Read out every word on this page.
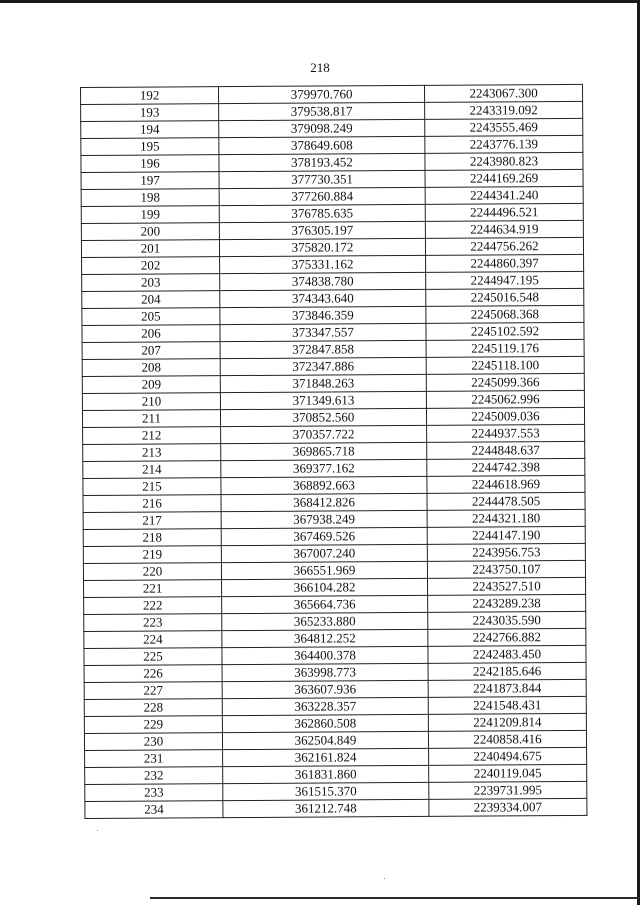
218
192	379970.760	2243067.300
193	379538.817	2243319.092
194	379098.249	2243555.469
195	378649.608	2243776.139
196	378193.452	2243980.823
197	377730.351	2244169.269
198	377260.884	2244341.240
199	376785.635	2244496.521
200	376305.197	2244634.919
201	375820.172	2244756.262
202	375331.162	2244860.397
203	374838.780	2244947.195
204	374343.640	2245016.548
205	373846.359	2245068.368
206	373347.557	2245102.592
207	372847.858	2245119.176
208	372347.886	2245118.100
209	371848.263	2245099.366
210	371349.613	2245062.996
211	370852.560	2245009.036
212	370357.722	2244937.553
213	369865.718	2244848.637
214	369377.162	2244742.398
215	368892.663	2244618.969
216	368412.826	2244478.505
217	367938.249	2244321.180
218	367469.526	2244147.190
219	367007.240	2243956.753
220	366551.969	2243750.107
221	366104.282	2243527.510
222	365664.736	2243289.238
223	365233.880	2243035.590
224	364812.252	2242766.882
225	364400.378	2242483.450
226	363998.773	2242185.646
227	363607.936	2241873.844
228	363228.357	2241548.431
229	362860.508	2241209.814
230	362504.849	2240858.416
231	362161.824	2240494.675
232	361831.860	2240119.045
233	361515.370	2239731.995
234	361212.748	2239334.007
